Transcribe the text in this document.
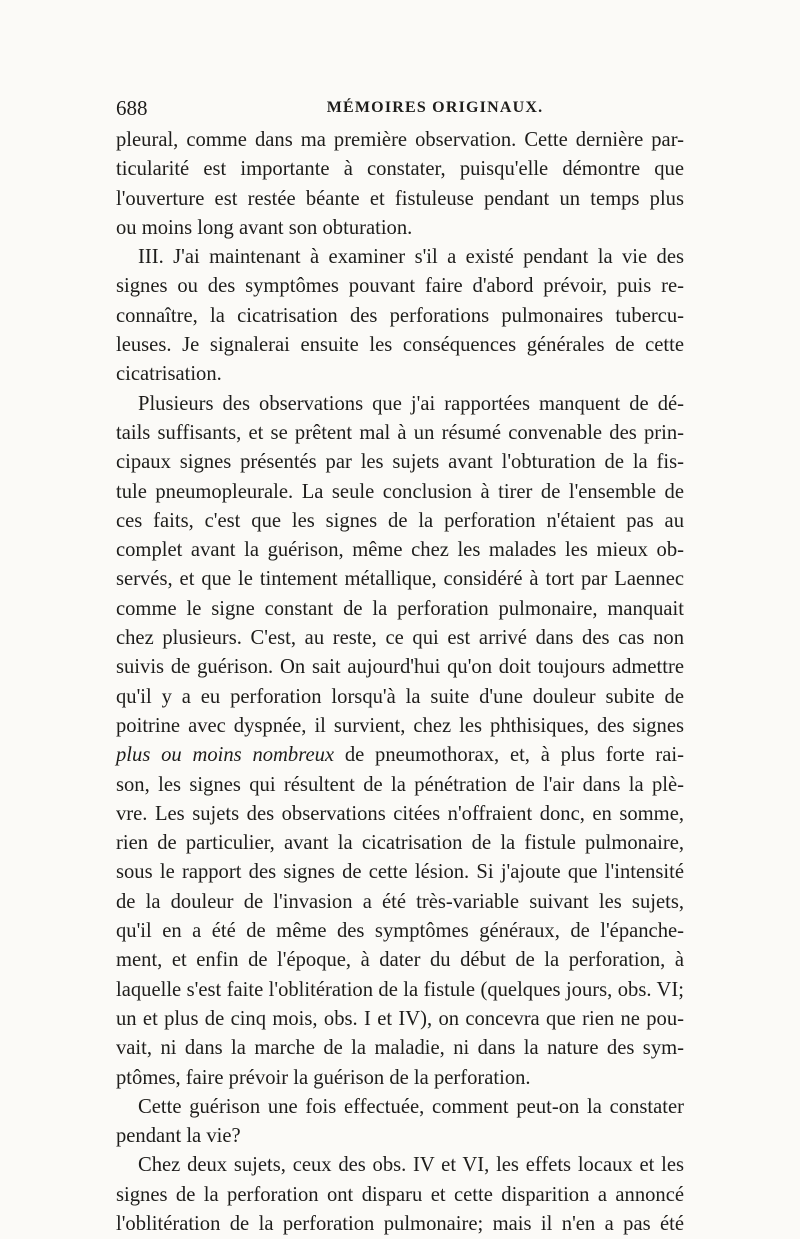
688	MÉMOIRES ORIGINAUX.
pleural, comme dans ma première observation. Cette dernière par-
ticularité est importante à constater, puisqu'elle démontre que
l'ouverture est restée béante et fistuleuse pendant un temps plus
ou moins long avant son obturation.
III. J'ai maintenant à examiner s'il a existé pendant la vie des
signes ou des symptômes pouvant faire d'abord prévoir, puis re-
connaître, la cicatrisation des perforations pulmonaires tubercu-
leuses. Je signalerai ensuite les conséquences générales de cette
cicatrisation.
Plusieurs des observations que j'ai rapportées manquent de dé-
tails suffisants, et se prêtent mal à un résumé convenable des prin-
cipaux signes présentés par les sujets avant l'obturation de la fis-
tule pneumopleurale. La seule conclusion à tirer de l'ensemble de
ces faits, c'est que les signes de la perforation n'étaient pas au
complet avant la guérison, même chez les malades les mieux ob-
servés, et que le tintement métallique, considéré à tort par Laennec
comme le signe constant de la perforation pulmonaire, manquait
chez plusieurs. C'est, au reste, ce qui est arrivé dans des cas non
suivis de guérison. On sait aujourd'hui qu'on doit toujours admettre
qu'il y a eu perforation lorsqu'à la suite d'une douleur subite de
poitrine avec dyspnée, il survient, chez les phthisiques, des signes
plus ou moins nombreux de pneumothorax, et, à plus forte rai-
son, les signes qui résultent de la pénétration de l'air dans la plè-
vre. Les sujets des observations citées n'offraient donc, en somme,
rien de particulier, avant la cicatrisation de la fistule pulmonaire,
sous le rapport des signes de cette lésion. Si j'ajoute que l'intensité
de la douleur de l'invasion a été très-variable suivant les sujets,
qu'il en a été de même des symptômes généraux, de l'épanche-
ment, et enfin de l'époque, à dater du début de la perforation, à
laquelle s'est faite l'oblitération de la fistule (quelques jours, obs. VI;
un et plus de cinq mois, obs. I et IV), on concevra que rien ne pou-
vait, ni dans la marche de la maladie, ni dans la nature des sym-
ptômes, faire prévoir la guérison de la perforation.
Cette guérison une fois effectuée, comment peut-on la constater
pendant la vie?
Chez deux sujets, ceux des obs. IV et VI, les effets locaux et les
signes de la perforation ont disparu et cette disparition a annoncé
l'oblitération de la perforation pulmonaire; mais il n'en a pas été
